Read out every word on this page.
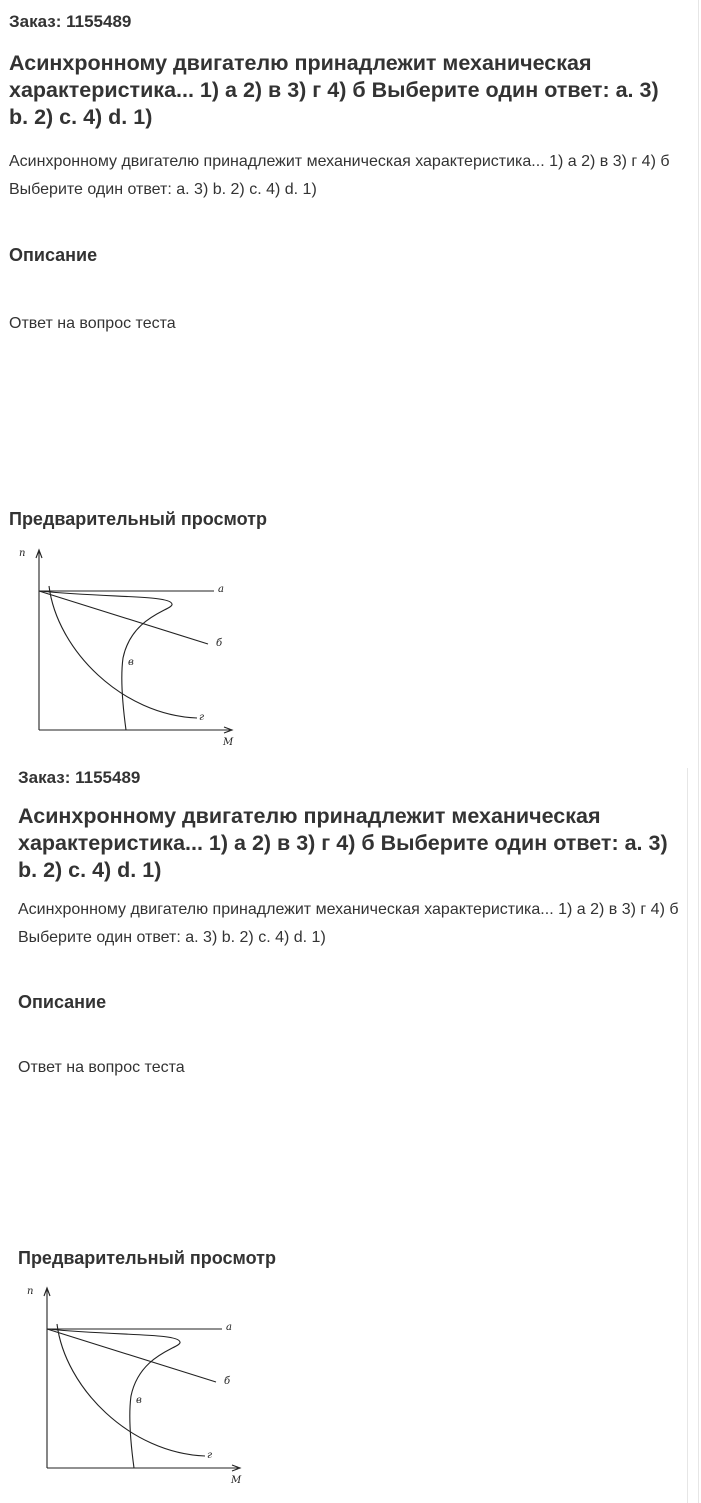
Заказ: 1155489
Асинхронному двигателю принадлежит механическая характеристика... 1) а 2) в 3) г 4) б Выберите один ответ: a. 3) b. 2) c. 4) d. 1)

Асинхронному двигателю принадлежит механическая характеристика... 1) а 2) в 3) г 4) б Выберите один ответ: a. 3) b. 2) c. 4) d. 1)

Описание

Ответ на вопрос теста

Предварительный просмотр
n
M
а
б
в
г
Заказ: 1155489
Асинхронному двигателю принадлежит механическая характеристика... 1) а 2) в 3) г 4) б Выберите один ответ: a. 3) b. 2) c. 4) d. 1)

Асинхронному двигателю принадлежит механическая характеристика... 1) а 2) в 3) г 4) б Выберите один ответ: a. 3) b. 2) c. 4) d. 1)

Описание

Ответ на вопрос теста

Предварительный просмотр
n
M
а
б
в
г
